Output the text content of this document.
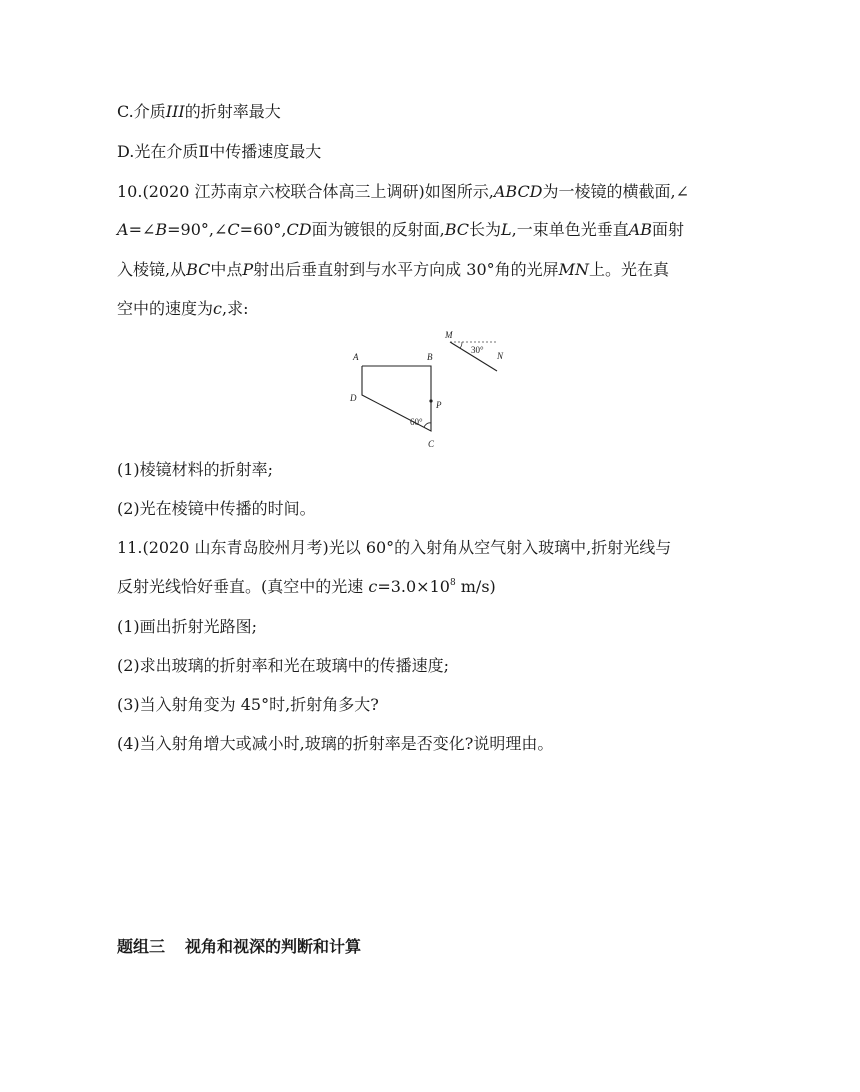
C.介质III的折射率最大
D.光在介质Ⅱ中传播速度最大
10.(2020 江苏南京六校联合体高三上调研)如图所示,ABCD为一棱镜的横截面,∠
A=∠B=90°,∠C=60°,CD面为镀银的反射面,BC长为L,一束单色光垂直AB面射
入棱镜,从BC中点P射出后垂直射到与水平方向成 30°角的光屏MN上。光在真
空中的速度为c,求:
A	B
D
P
C
60°
M
N
30°
(1)棱镜材料的折射率;
(2)光在棱镜中传播的时间。
11.(2020 山东青岛胶州月考)光以 60°的入射角从空气射入玻璃中,折射光线与
反射光线恰好垂直。(真空中的光速 $c=3.0\times 10^8$ m/s)
(1)画出折射光路图;
(2)求出玻璃的折射率和光在玻璃中的传播速度;
(3)当入射角变为 45°时,折射角多大?
(4)当入射角增大或减小时,玻璃的折射率是否变化?说明理由。
题组三 视角和视深的判断和计算
